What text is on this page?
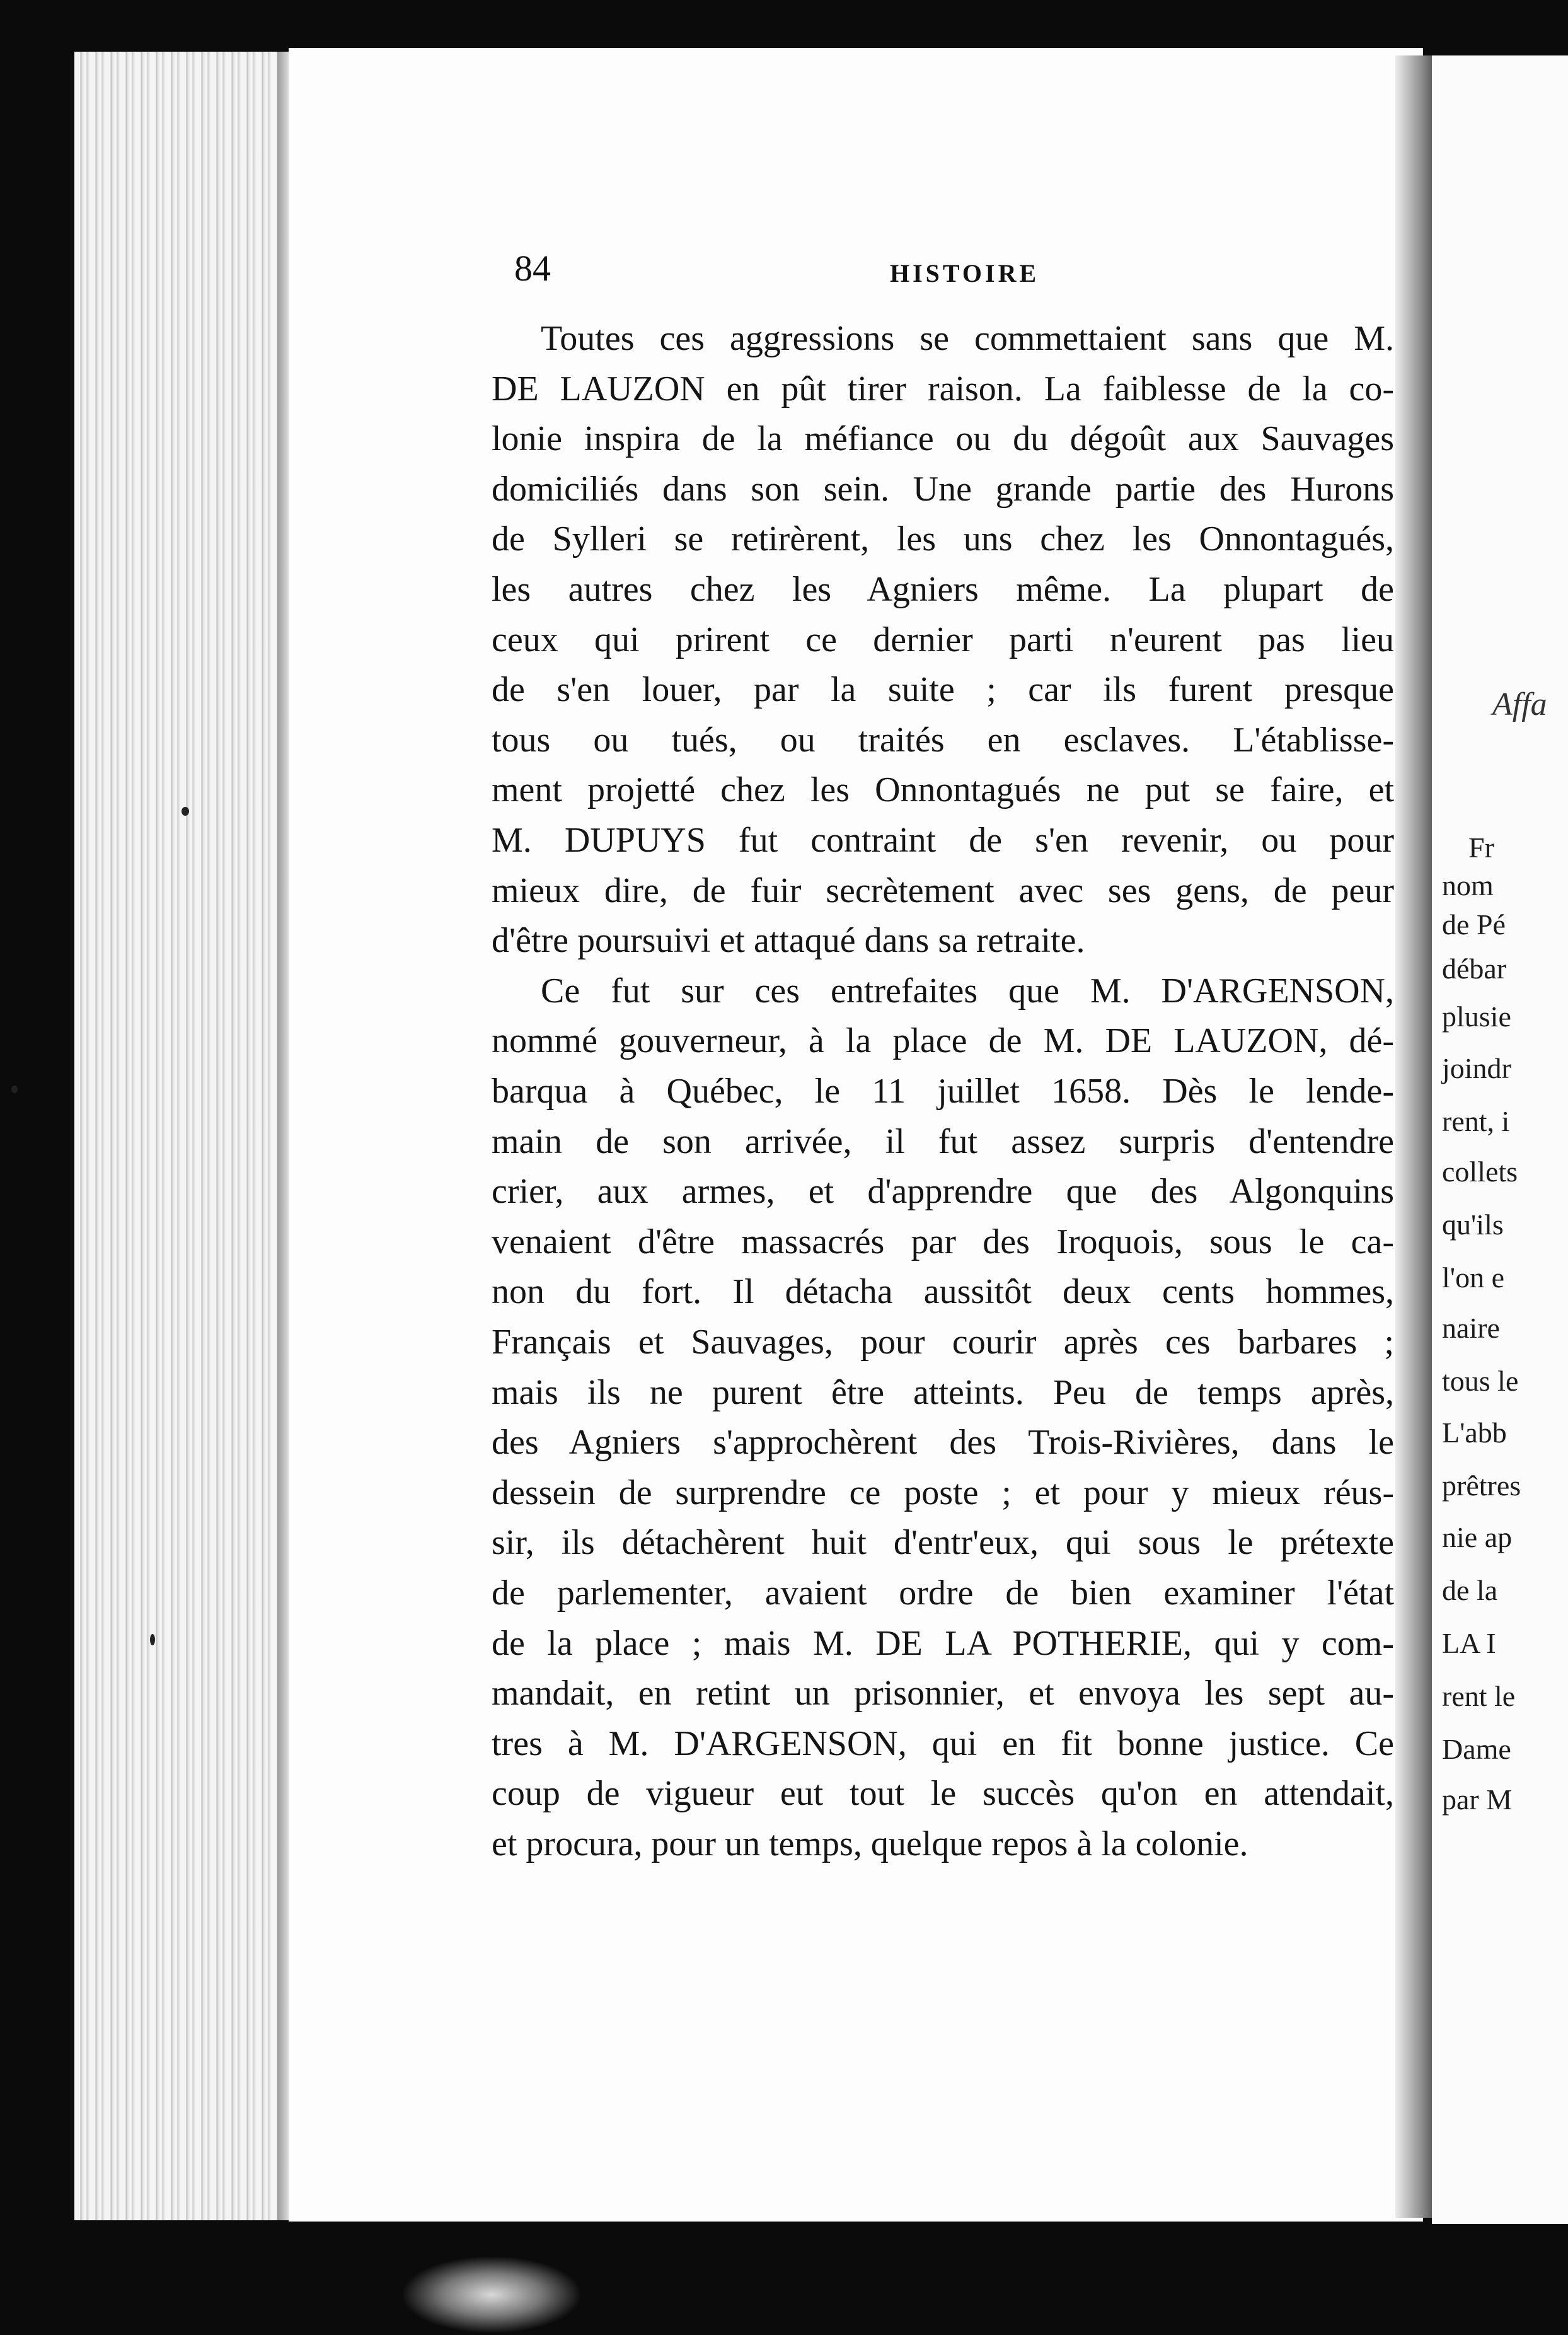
Affa
Fr
nom
de Pé
débar
plusie
joindr
rent, i
collets
qu'ils
l'on e
naire
tous le
L'abb
prêtres
nie ap
de la
LA I
rent le
Dame
par M
84	HISTOIRE
Toutes ces aggressions se commettaient sans que M.
DE LAUZON en pût tirer raison. La faiblesse de la co-
lonie inspira de la méfiance ou du dégoût aux Sauvages
domiciliés dans son sein. Une grande partie des Hurons
de Sylleri se retirèrent, les uns chez les Onnontagués,
les autres chez les Agniers même. La plupart de
ceux qui prirent ce dernier parti n'eurent pas lieu
de s'en louer, par la suite ; car ils furent presque
tous ou tués, ou traités en esclaves. L'établisse-
ment projetté chez les Onnontagués ne put se faire, et
M. DUPUYS fut contraint de s'en revenir, ou pour
mieux dire, de fuir secrètement avec ses gens, de peur
d'être poursuivi et attaqué dans sa retraite.
Ce fut sur ces entrefaites que M. D'ARGENSON,
nommé gouverneur, à la place de M. DE LAUZON, dé-
barqua à Québec, le 11 juillet 1658. Dès le lende-
main de son arrivée, il fut assez surpris d'entendre
crier, aux armes, et d'apprendre que des Algonquins
venaient d'être massacrés par des Iroquois, sous le ca-
non du fort. Il détacha aussitôt deux cents hommes,
Français et Sauvages, pour courir après ces barbares ;
mais ils ne purent être atteints. Peu de temps après,
des Agniers s'approchèrent des Trois-Rivières, dans le
dessein de surprendre ce poste ; et pour y mieux réus-
sir, ils détachèrent huit d'entr'eux, qui sous le prétexte
de parlementer, avaient ordre de bien examiner l'état
de la place ; mais M. DE LA POTHERIE, qui y com-
mandait, en retint un prisonnier, et envoya les sept au-
tres à M. D'ARGENSON, qui en fit bonne justice. Ce
coup de vigueur eut tout le succès qu'on en attendait,
et procura, pour un temps, quelque repos à la colonie.
